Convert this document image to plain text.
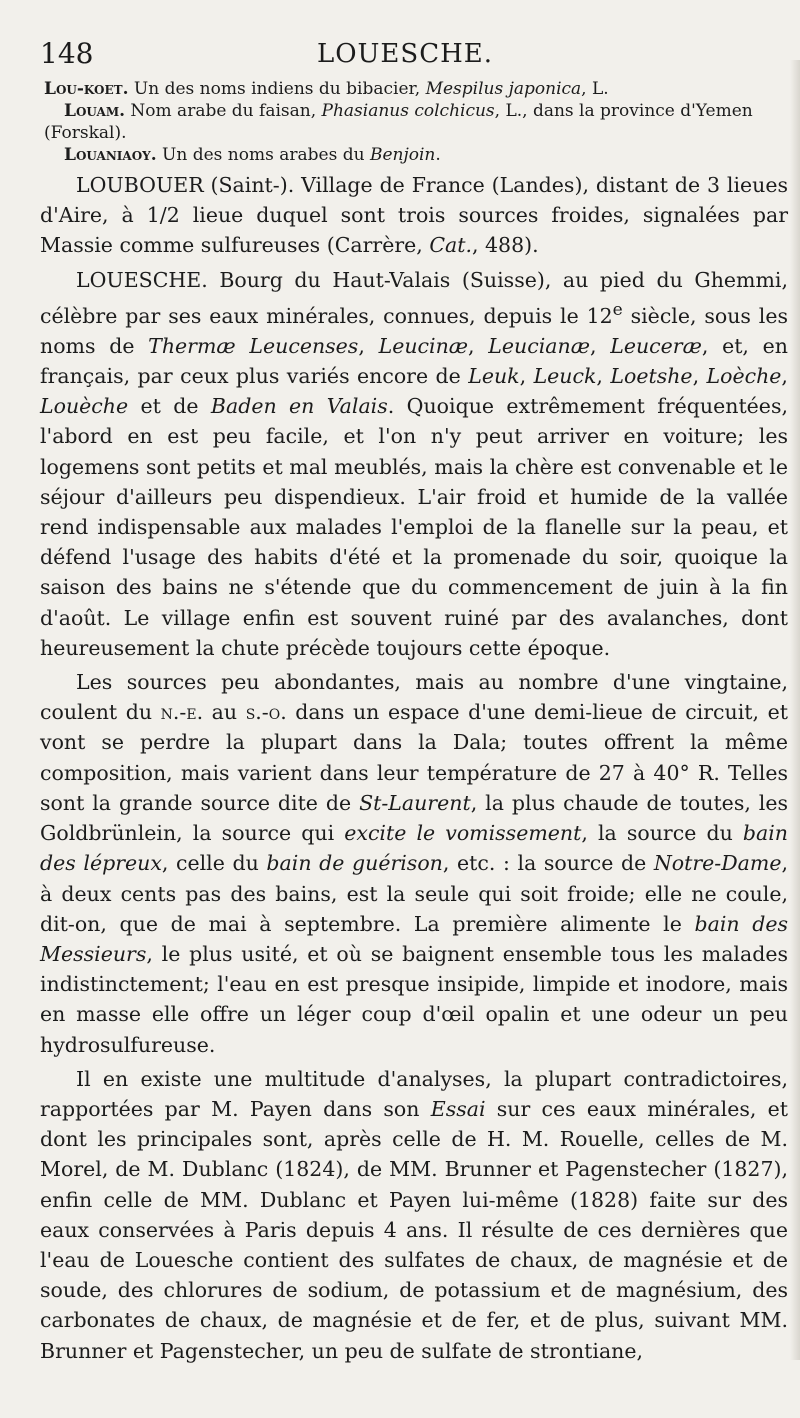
148	LOUESCHE.

Lou-koet. Un des noms indiens du bibacier, Mespilus japonica, L.

Louam. Nom arabe du faisan, Phasianus colchicus, L., dans la province d'Yemen (Forskal).

Louaniaoy. Un des noms arabes du Benjoin.

LOUBOUER (Saint-). Village de France (Landes), distant de 3 lieues d'Aire, à 1/2 lieue duquel sont trois sources froides, signalées par Massie comme sulfureuses (Carrère, Cat., 488).

LOUESCHE. Bourg du Haut-Valais (Suisse), au pied du Ghemmi, célèbre par ses eaux minérales, connues, depuis le 12e siècle, sous les noms de Thermæ Leucenses, Leucinæ, Leucianæ, Leuceræ, et, en français, par ceux plus variés encore de Leuk, Leuck, Loetshe, Loèche, Louèche et de Baden en Valais. Quoique extrêmement fréquentées, l'abord en est peu facile, et l'on n'y peut arriver en voiture; les logemens sont petits et mal meublés, mais la chère est convenable et le séjour d'ailleurs peu dispendieux. L'air froid et humide de la vallée rend indispensable aux malades l'emploi de la flanelle sur la peau, et défend l'usage des habits d'été et la promenade du soir, quoique la saison des bains ne s'étende que du commencement de juin à la fin d'août. Le village enfin est souvent ruiné par des avalanches, dont heureusement la chute précède toujours cette époque.

Les sources peu abondantes, mais au nombre d'une vingtaine, coulent du n.-e. au s.-o. dans un espace d'une demi-lieue de circuit, et vont se perdre la plupart dans la Dala; toutes offrent la même composition, mais varient dans leur température de 27 à 40° R. Telles sont la grande source dite de St-Laurent, la plus chaude de toutes, les Goldbrünlein, la source qui excite le vomissement, la source du bain des lépreux, celle du bain de guérison, etc. : la source de Notre-Dame, à deux cents pas des bains, est la seule qui soit froide; elle ne coule, dit-on, que de mai à septembre. La première alimente le bain des Messieurs, le plus usité, et où se baignent ensemble tous les malades indistinctement; l'eau en est presque insipide, limpide et inodore, mais en masse elle offre un léger coup d'œil opalin et une odeur un peu hydrosulfureuse.

Il en existe une multitude d'analyses, la plupart contradictoires, rapportées par M. Payen dans son Essai sur ces eaux minérales, et dont les principales sont, après celle de H. M. Rouelle, celles de M. Morel, de M. Dublanc (1824), de MM. Brunner et Pagenstecher (1827), enfin celle de MM. Dublanc et Payen lui-même (1828) faite sur des eaux conservées à Paris depuis 4 ans. Il résulte de ces dernières que l'eau de Louesche contient des sulfates de chaux, de magnésie et de soude, des chlorures de sodium, de potassium et de magnésium, des carbonates de chaux, de magnésie et de fer, et de plus, suivant MM. Brunner et Pagenstecher, un peu de sulfate de strontiane,
